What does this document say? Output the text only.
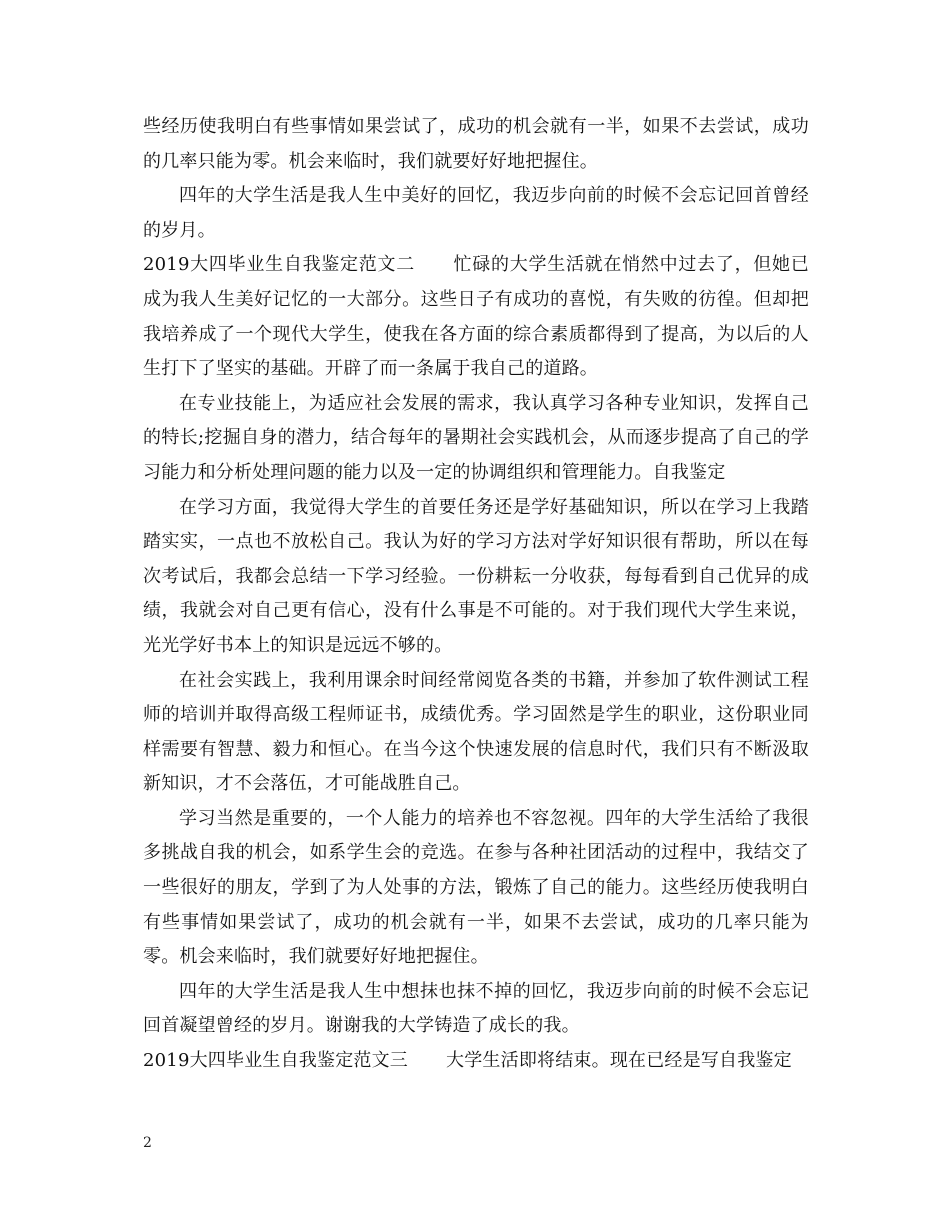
些经历使我明白有些事情如果尝试了，成功的机会就有一半，如果不去尝试，成功的几率只能为零。机会来临时，我们就要好好地把握住。

四年的大学生活是我人生中美好的回忆，我迈步向前的时候不会忘记回首曾经的岁月。

2019大四毕业生自我鉴定范文二 忙碌的大学生活就在悄然中过去了，但她已成为我人生美好记忆的一大部分。这些日子有成功的喜悦，有失败的彷徨。但却把我培养成了一个现代大学生，使我在各方面的综合素质都得到了提高，为以后的人生打下了坚实的基础。开辟了而一条属于我自己的道路。

在专业技能上，为适应社会发展的需求，我认真学习各种专业知识，发挥自己的特长;挖掘自身的潜力，结合每年的暑期社会实践机会，从而逐步提高了自己的学习能力和分析处理问题的能力以及一定的协调组织和管理能力。自我鉴定

在学习方面，我觉得大学生的首要任务还是学好基础知识，所以在学习上我踏踏实实，一点也不放松自己。我认为好的学习方法对学好知识很有帮助，所以在每次考试后，我都会总结一下学习经验。一份耕耘一分收获，每每看到自己优异的成绩，我就会对自己更有信心，没有什么事是不可能的。对于我们现代大学生来说，光光学好书本上的知识是远远不够的。

在社会实践上，我利用课余时间经常阅览各类的书籍，并参加了软件测试工程师的培训并取得高级工程师证书，成绩优秀。学习固然是学生的职业，这份职业同样需要有智慧、毅力和恒心。在当今这个快速发展的信息时代，我们只有不断汲取新知识，才不会落伍，才可能战胜自己。

学习当然是重要的，一个人能力的培养也不容忽视。四年的大学生活给了我很多挑战自我的机会，如系学生会的竞选。在参与各种社团活动的过程中，我结交了一些很好的朋友，学到了为人处事的方法，锻炼了自己的能力。这些经历使我明白有些事情如果尝试了，成功的机会就有一半，如果不去尝试，成功的几率只能为零。机会来临时，我们就要好好地把握住。

四年的大学生活是我人生中想抹也抹不掉的回忆，我迈步向前的时候不会忘记回首凝望曾经的岁月。谢谢我的大学铸造了成长的我。

2019大四毕业生自我鉴定范文三 大学生活即将结束。现在已经是写自我鉴定

2
